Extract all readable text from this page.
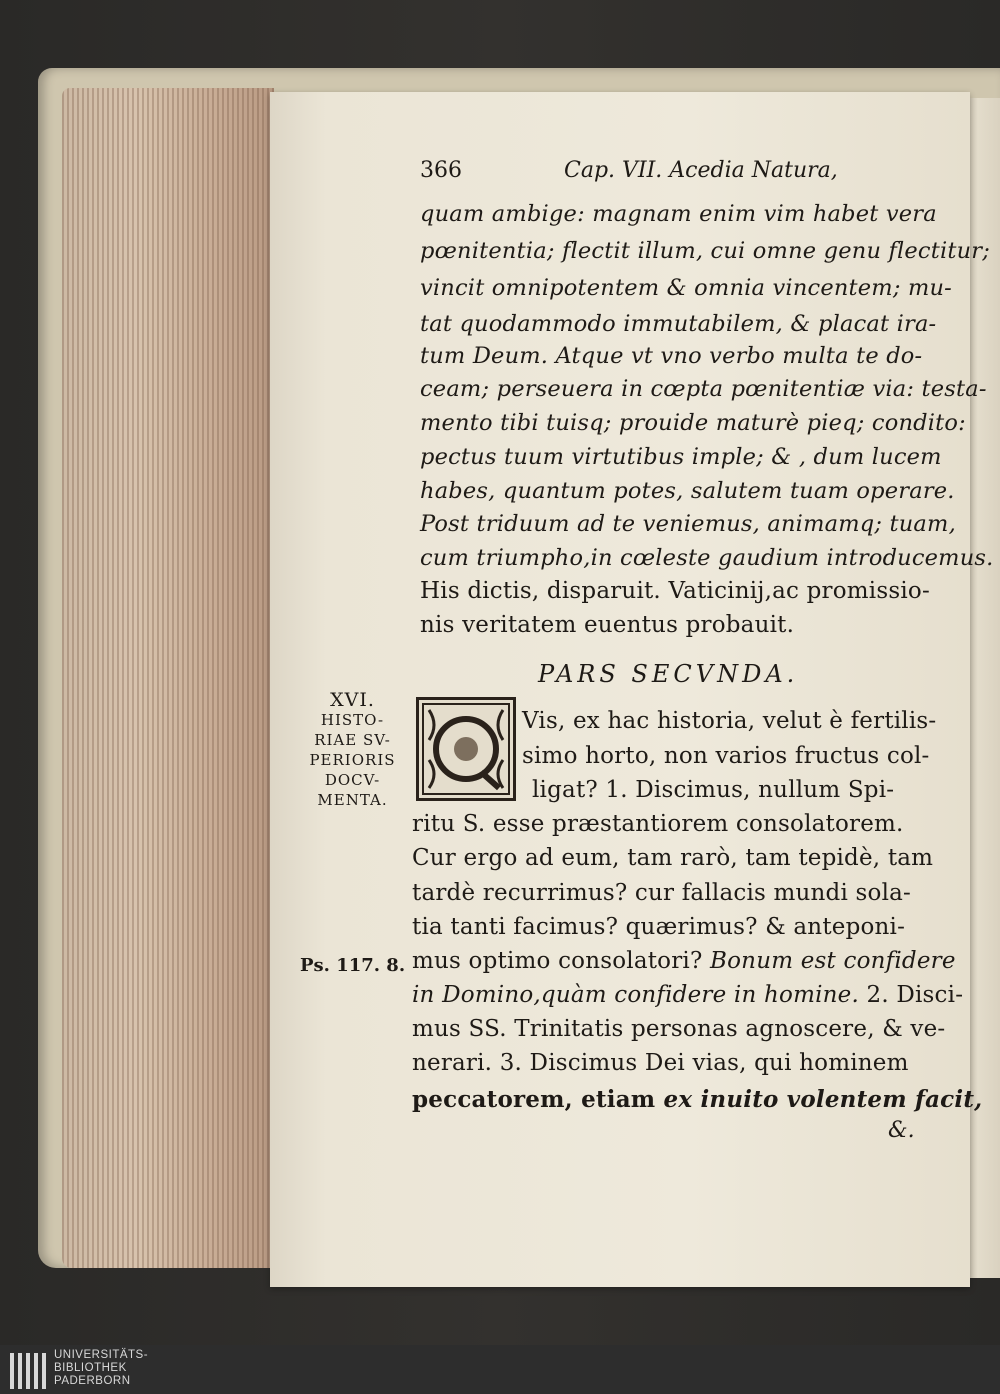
366	Cap. VII. Acedia Natura,
quam ambige: magnam enim vim habet vera
pœnitentia; flectit illum, cui omne genu flectitur;
vincit omnipotentem & omnia vincentem; mu-
tat quodammodo immutabilem, & placat ira-
tum Deum. Atque vt vno verbo multa te do-
ceam; perseuera in cœpta pœnitentiæ via: testa-
mento tibi tuisq; prouide maturè pieq; condito:
pectus tuum virtutibus imple; & , dum lucem
habes, quantum potes, salutem tuam operare.
Post triduum ad te veniemus, animamq; tuam,
cum triumpho,in cœleste gaudium introducemus.
His dictis, disparuit. Vaticinij,ac promissio-
nis veritatem euentus probauit.
PARS SECVNDA.
XVI.
HISTO-
RIAE SV-
PERIORIS
DOCV-
MENTA.
Vis, ex hac historia, velut è fertilis-
simo horto, non varios fructus col-
ligat? 1. Discimus, nullum Spi-
ritu S. esse præstantiorem consolatorem.
Cur ergo ad eum, tam rarò, tam tepidè, tam
tardè recurrimus? cur fallacis mundi sola-
tia tanti facimus? quærimus? & anteponi-
Ps. 117. 8. mus optimo consolatori? Bonum est confidere
in Domino,quàm confidere in homine. 2. Disci-
mus SS. Trinitatis personas agnoscere, & ve-
nerari. 3. Discimus Dei vias, qui hominem
peccatorem, etiam ex inuito volentem facit,
&.
UNIVERSITÄTS-
BIBLIOTHEK
PADERBORN
